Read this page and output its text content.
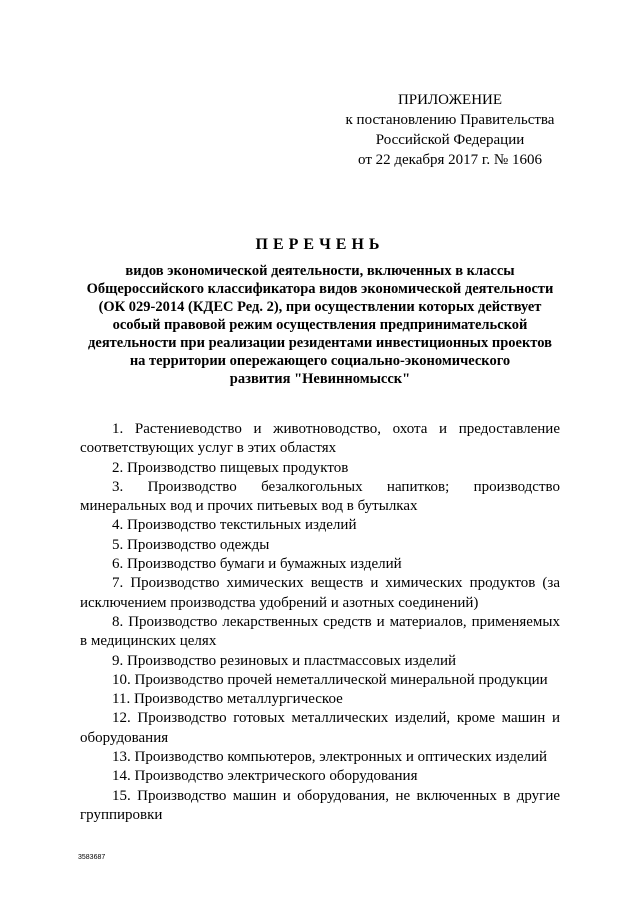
ПРИЛОЖЕНИЕ
к постановлению Правительства
Российской Федерации
от 22 декабря 2017 г. № 1606
ПЕРЕЧЕНЬ
видов экономической деятельности, включенных в классы
Общероссийского классификатора видов экономической деятельности
(ОК 029-2014 (КДЕС Ред. 2), при осуществлении которых действует
особый правовой режим осуществления предпринимательской
деятельности при реализации резидентами инвестиционных проектов
на территории опережающего социально-экономического
развития "Невинномысск"
1. Растениеводство и животноводство, охота и предоставление соответствующих услуг в этих областях
2. Производство пищевых продуктов
3. Производство безалкогольных напитков; производство минеральных вод и прочих питьевых вод в бутылках
4. Производство текстильных изделий
5. Производство одежды
6. Производство бумаги и бумажных изделий
7. Производство химических веществ и химических продуктов (за исключением производства удобрений и азотных соединений)
8. Производство лекарственных средств и материалов, применяемых в медицинских целях
9. Производство резиновых и пластмассовых изделий
10. Производство прочей неметаллической минеральной продукции
11. Производство металлургическое
12. Производство готовых металлических изделий, кроме машин и оборудования
13. Производство компьютеров, электронных и оптических изделий
14. Производство электрического оборудования
15. Производство машин и оборудования, не включенных в другие группировки
3583687
